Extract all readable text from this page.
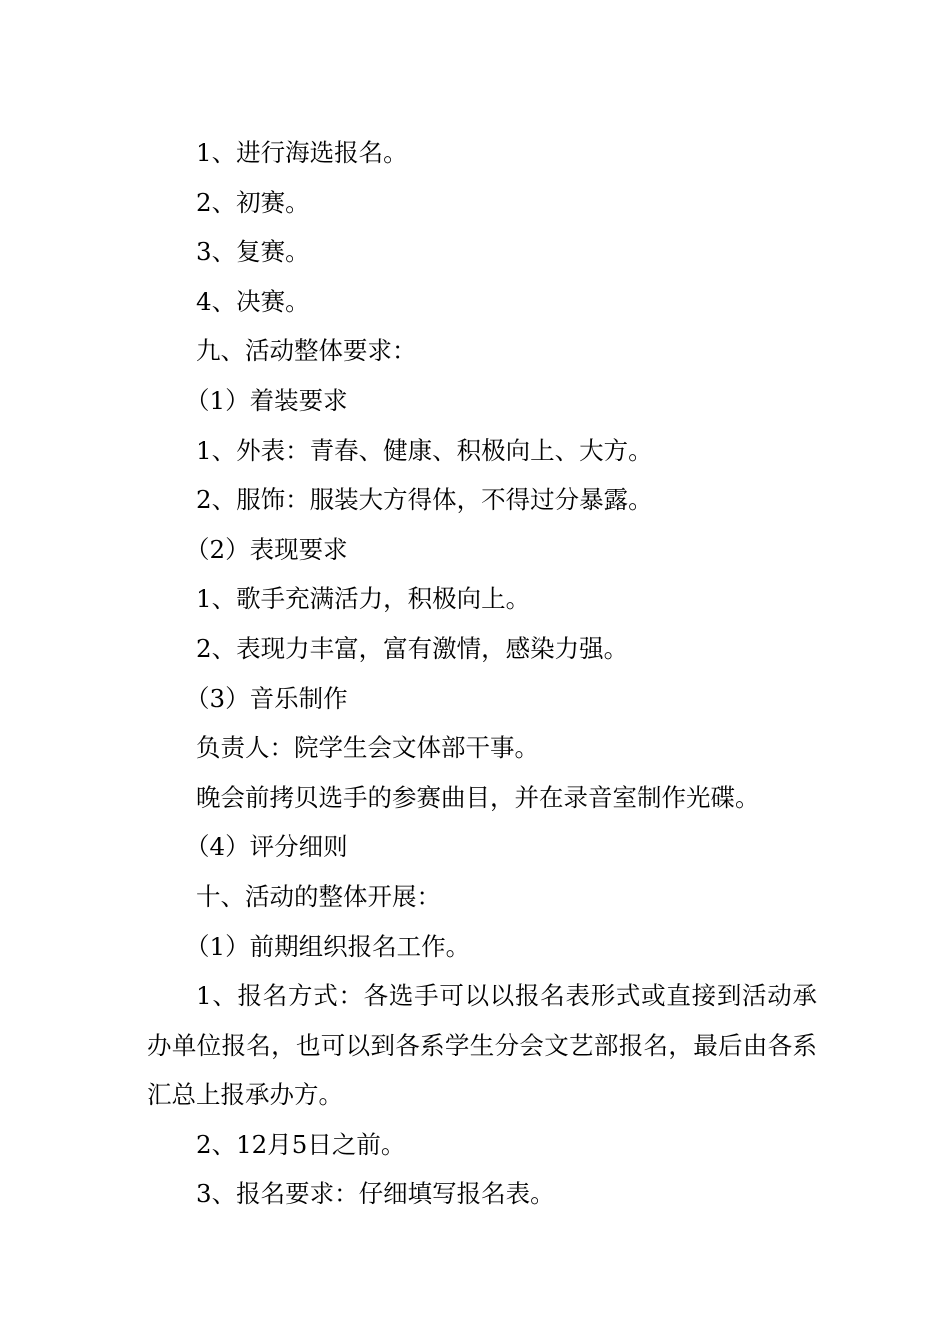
1、进行海选报名。

2、初赛。

3、复赛。

4、决赛。

九、活动整体要求：

（1）着装要求

1、外表：青春、健康、积极向上、大方。

2、服饰：服装大方得体，不得过分暴露。

（2）表现要求

1、歌手充满活力，积极向上。

2、表现力丰富，富有激情，感染力强。

（3）音乐制作

负责人：院学生会文体部干事。

晚会前拷贝选手的参赛曲目，并在录音室制作光碟。

（4）评分细则

十、活动的整体开展：

（1）前期组织报名工作。

1、报名方式：各选手可以以报名表形式或直接到活动承办单位报名，也可以到各系学生分会文艺部报名，最后由各系汇总上报承办方。

2、12月5日之前。

3、报名要求：仔细填写报名表。
